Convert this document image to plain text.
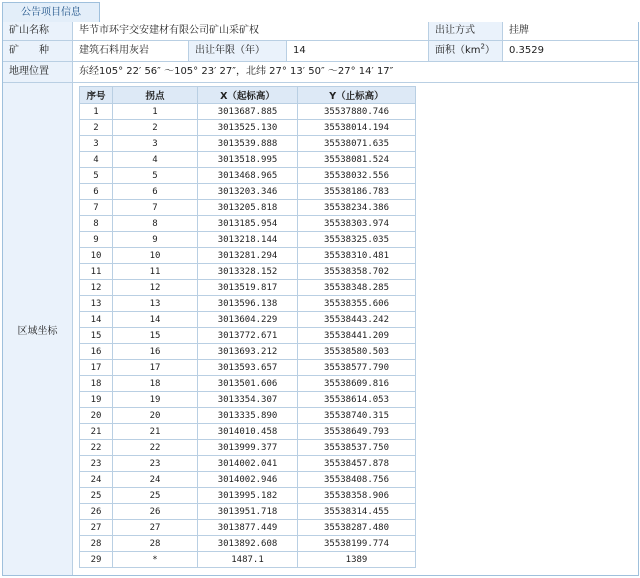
公告项目信息
矿山名称	毕节市环宇交安建材有限公司矿山采矿权	出让方式	挂牌
矿　　种	建筑石料用灰岩	出让年限（年）	14	面积$(km^2)$	0.3529
地理位置	东经105° 22′ 56″ ～105° 23′ 27″，北纬 27° 13′ 50″ ～27° 14′ 17″
区域坐标
序号	拐点	X（起标高）	Y（止标高）
1	1	3013687.885	35537880.746
2	2	3013525.130	35538014.194
3	3	3013539.888	35538071.635
4	4	3013518.995	35538081.524
5	5	3013468.965	35538032.556
6	6	3013203.346	35538186.783
7	7	3013205.818	35538234.386
8	8	3013185.954	35538303.974
9	9	3013218.144	35538325.035
10	10	3013281.294	35538310.481
11	11	3013328.152	35538358.702
12	12	3013519.817	35538348.285
13	13	3013596.138	35538355.606
14	14	3013604.229	35538443.242
15	15	3013772.671	35538441.209
16	16	3013693.212	35538580.503
17	17	3013593.657	35538577.790
18	18	3013501.606	35538609.816
19	19	3013354.307	35538614.053
20	20	3013335.890	35538740.315
21	21	3014010.458	35538649.793
22	22	3013999.377	35538537.750
23	23	3014002.041	35538457.878
24	24	3014002.946	35538408.756
25	25	3013995.182	35538358.906
26	26	3013951.718	35538314.455
27	27	3013877.449	35538287.480
28	28	3013892.608	35538199.774
29	*	1487.1	1389
